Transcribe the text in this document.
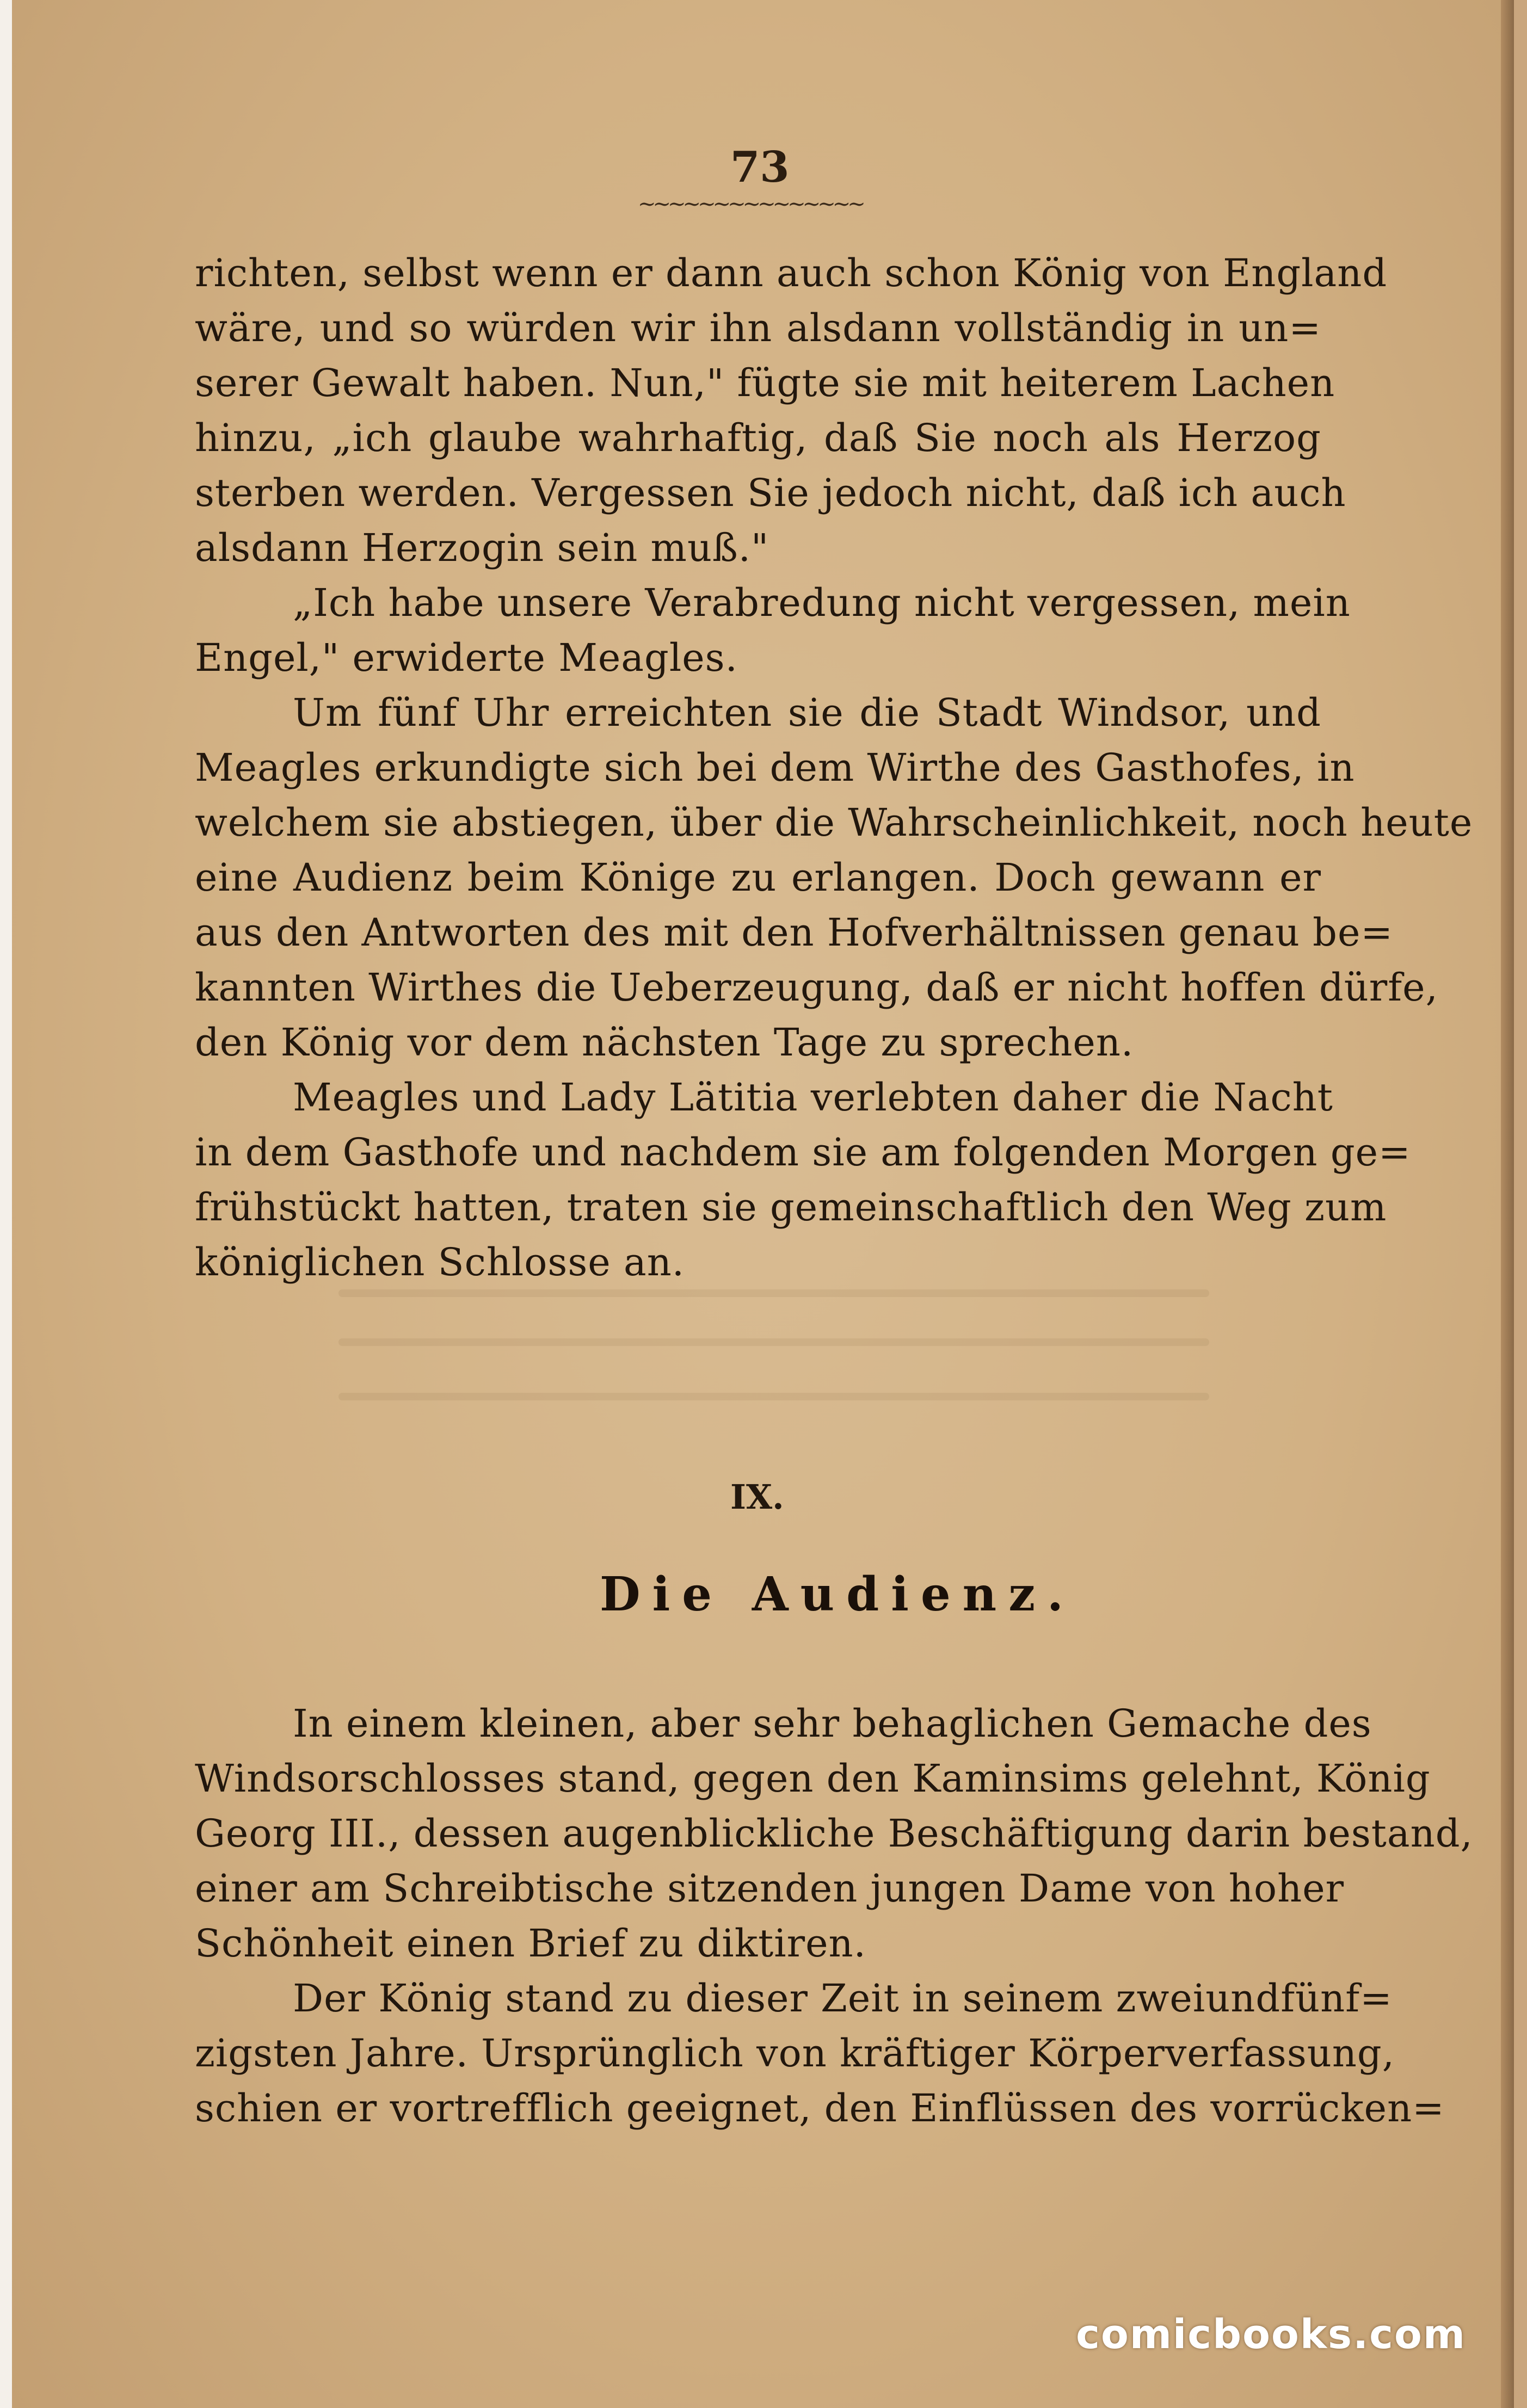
73
~~~~~~~~~~~~~~~
richten, selbst wenn er dann auch schon König von England
wäre, und so würden wir ihn alsdann vollständig in un=
serer Gewalt haben. Nun," fügte sie mit heiterem Lachen
hinzu, „ich glaube wahrhaftig, daß Sie noch als Herzog
sterben werden. Vergessen Sie jedoch nicht, daß ich auch
alsdann Herzogin sein muß."
„Ich habe unsere Verabredung nicht vergessen, mein
Engel," erwiderte Meagles.
Um fünf Uhr erreichten sie die Stadt Windsor, und
Meagles erkundigte sich bei dem Wirthe des Gasthofes, in
welchem sie abstiegen, über die Wahrscheinlichkeit, noch heute
eine Audienz beim Könige zu erlangen. Doch gewann er
aus den Antworten des mit den Hofverhältnissen genau be=
kannten Wirthes die Ueberzeugung, daß er nicht hoffen dürfe,
den König vor dem nächsten Tage zu sprechen.
Meagles und Lady Lätitia verlebten daher die Nacht
in dem Gasthofe und nachdem sie am folgenden Morgen ge=
frühstückt hatten, traten sie gemeinschaftlich den Weg zum
königlichen Schlosse an.
IX.
Die Audienz.
In einem kleinen, aber sehr behaglichen Gemache des
Windsorschlosses stand, gegen den Kaminsims gelehnt, König
Georg III., dessen augenblickliche Beschäftigung darin bestand,
einer am Schreibtische sitzenden jungen Dame von hoher
Schönheit einen Brief zu diktiren.
Der König stand zu dieser Zeit in seinem zweiundfünf=
zigsten Jahre. Ursprünglich von kräftiger Körperverfassung,
schien er vortrefflich geeignet, den Einflüssen des vorrücken=
comicbooks.com
